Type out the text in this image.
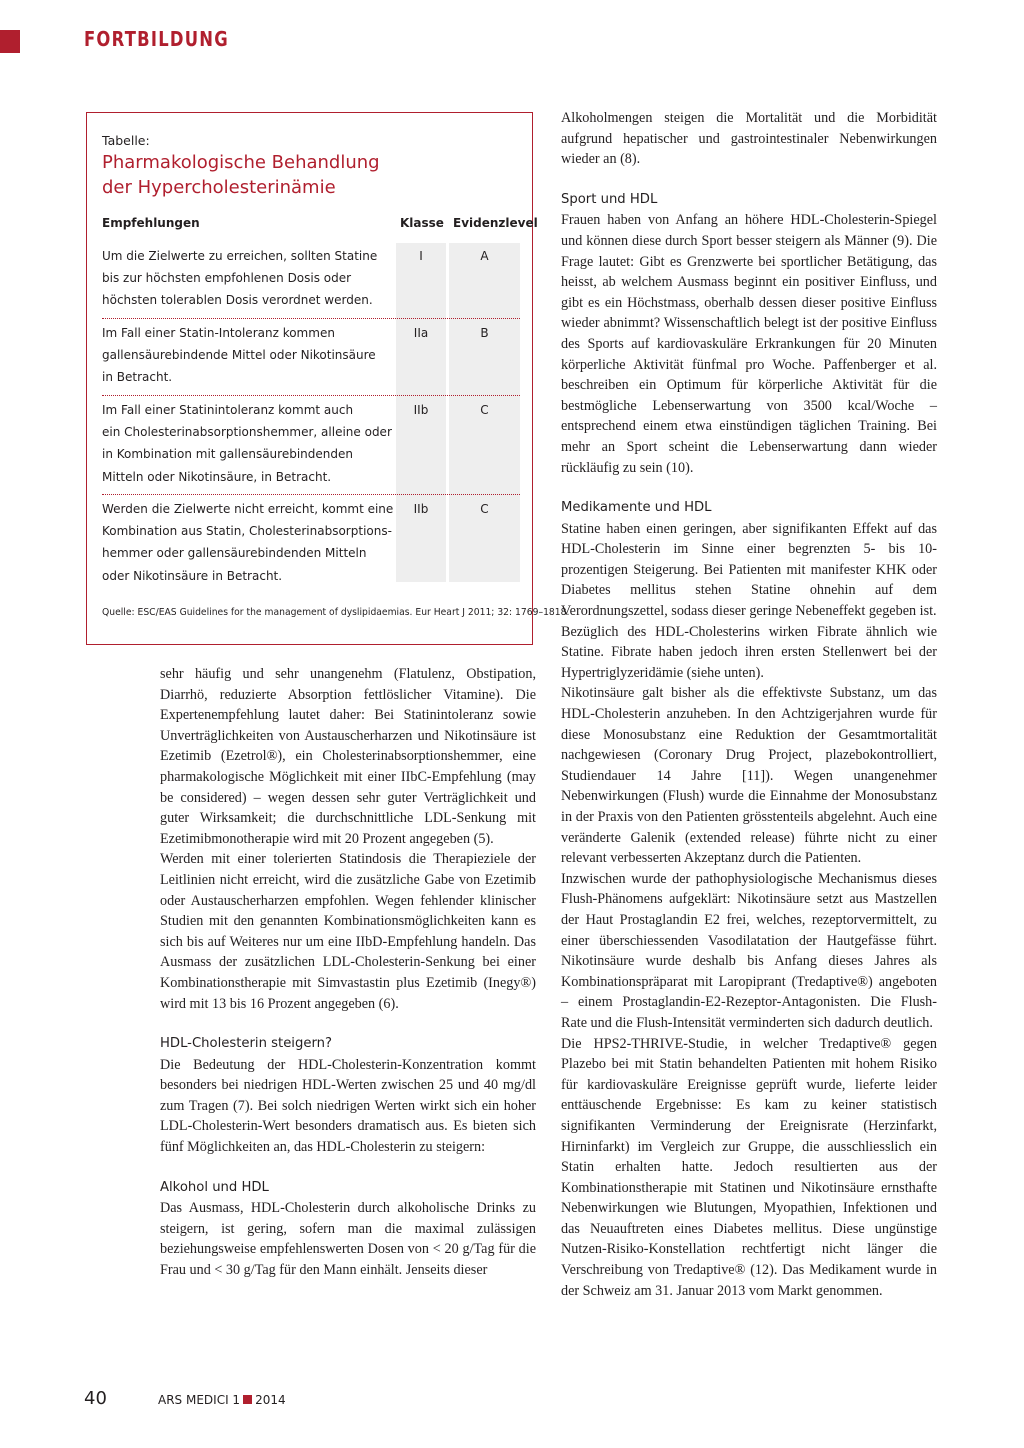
FORTBILDUNG
Tabelle:
Pharmakologische Behandlung
der Hypercholesterinämie
Empfehlungen	Klasse Evidenzlevel
Um die Zielwerte zu erreichen, sollten Statine
bis zur höchsten empfohlenen Dosis oder
höchsten tolerablen Dosis verordnet werden.
I	A
Im Fall einer Statin-Intoleranz kommen
gallensäurebindende Mittel oder Nikotinsäure
in Betracht.
IIa	B
Im Fall einer Statinintoleranz kommt auch
ein Cholesterinabsorptionshemmer, alleine oder
in Kombination mit gallensäurebindenden
Mitteln oder Nikotinsäure, in Betracht.
IIb	C
Werden die Zielwerte nicht erreicht, kommt eine
Kombination aus Statin, Cholesterinabsorptions-
hemmer oder gallensäurebindenden Mitteln
oder Nikotinsäure in Betracht.
IIb	C
Quelle: ESC/EAS Guidelines for the management of dyslipidaemias. Eur Heart J 2011; 32: 1769–1818.

sehr häufig und sehr unangenehm (Flatulenz, Obstipation, Diarrhö, reduzierte Absorption fettlöslicher Vitamine). Die Expertenempfehlung lautet daher: Bei Statinintoleranz sowie Unverträglichkeiten von Austauscherharzen und Nikotinsäure ist Ezetimib (Ezetrol®), ein Cholesterinabsorptionshemmer, eine pharmakologische Möglichkeit mit einer IIbC-Empfehlung (may be considered) – wegen dessen sehr guter Verträglichkeit und guter Wirksamkeit; die durchschnittliche LDL-Senkung mit Ezetimibmonotherapie wird mit 20 Prozent angegeben (5).

Werden mit einer tolerierten Statindosis die Therapieziele der Leitlinien nicht erreicht, wird die zusätzliche Gabe von Ezetimib oder Austauscherharzen empfohlen. Wegen fehlender klinischer Studien mit den genannten Kombinationsmöglichkeiten kann es sich bis auf Weiteres nur um eine IIbD-Empfehlung handeln. Das Ausmass der zusätzlichen LDL-Cholesterin-Senkung bei einer Kombinationstherapie mit Simvastastin plus Ezetimib (Inegy®) wird mit 13 bis 16 Prozent angegeben (6).

HDL-Cholesterin steigern?

Die Bedeutung der HDL-Cholesterin-Konzentration kommt besonders bei niedrigen HDL-Werten zwischen 25 und 40 mg/dl zum Tragen (7). Bei solch niedrigen Werten wirkt sich ein hoher LDL-Cholesterin-Wert besonders dramatisch aus. Es bieten sich fünf Möglichkeiten an, das HDL-Cholesterin zu steigern:

Alkohol und HDL

Das Ausmass, HDL-Cholesterin durch alkoholische Drinks zu steigern, ist gering, sofern man die maximal zulässigen beziehungsweise empfehlenswerten Dosen von < 20 g/Tag für die Frau und < 30 g/Tag für den Mann einhält. Jenseits dieser

Alkoholmengen steigen die Mortalität und die Morbidität aufgrund hepatischer und gastrointestinaler Nebenwirkungen wieder an (8).

Sport und HDL

Frauen haben von Anfang an höhere HDL-Cholesterin-Spiegel und können diese durch Sport besser steigern als Männer (9). Die Frage lautet: Gibt es Grenzwerte bei sportlicher Betätigung, das heisst, ab welchem Ausmass beginnt ein positiver Einfluss, und gibt es ein Höchstmass, oberhalb dessen dieser positive Einfluss wieder abnimmt? Wissenschaftlich belegt ist der positive Einfluss des Sports auf kardiovaskuläre Erkrankungen für 20 Minuten körperliche Aktivität fünfmal pro Woche. Paffenberger et al. beschreiben ein Optimum für körperliche Aktivität für die bestmögliche Lebenserwartung von 3500 kcal/Woche – entsprechend einem etwa einstündigen täglichen Training. Bei mehr an Sport scheint die Lebenserwartung dann wieder rückläufig zu sein (10).

Medikamente und HDL

Statine haben einen geringen, aber signifikanten Effekt auf das HDL-Cholesterin im Sinne einer begrenzten 5- bis 10-prozentigen Steigerung. Bei Patienten mit manifester KHK oder Diabetes mellitus stehen Statine ohnehin auf dem Verordnungszettel, sodass dieser geringe Nebeneffekt gegeben ist.

Bezüglich des HDL-Cholesterins wirken Fibrate ähnlich wie Statine. Fibrate haben jedoch ihren ersten Stellenwert bei der Hypertriglyzeridämie (siehe unten).

Nikotinsäure galt bisher als die effektivste Substanz, um das HDL-Cholesterin anzuheben. In den Achtzigerjahren wurde für diese Monosubstanz eine Reduktion der Gesamtmortalität nachgewiesen (Coronary Drug Project, plazebokontrolliert, Studiendauer 14 Jahre [11]). Wegen unangenehmer Nebenwirkungen (Flush) wurde die Einnahme der Monosubstanz in der Praxis von den Patienten grösstenteils abgelehnt. Auch eine veränderte Galenik (extended release) führte nicht zu einer relevant verbesserten Akzeptanz durch die Patienten.

Inzwischen wurde der pathophysiologische Mechanismus dieses Flush-Phänomens aufgeklärt: Nikotinsäure setzt aus Mastzellen der Haut Prostaglandin E2 frei, welches, rezeptorvermittelt, zu einer überschiessenden Vasodilatation der Hautgefässe führt. Nikotinsäure wurde deshalb bis Anfang dieses Jahres als Kombinationspräparat mit Laropiprant (Tredaptive®) angeboten – einem Prostaglandin-E2-Rezeptor-Antagonisten. Die Flush-Rate und die Flush-Intensität verminderten sich dadurch deutlich.

Die HPS2-THRIVE-Studie, in welcher Tredaptive® gegen Plazebo bei mit Statin behandelten Patienten mit hohem Risiko für kardiovaskuläre Ereignisse geprüft wurde, lieferte leider enttäuschende Ergebnisse: Es kam zu keiner statistisch signifikanten Verminderung der Ereignisrate (Herzinfarkt, Hirninfarkt) im Vergleich zur Gruppe, die ausschliesslich ein Statin erhalten hatte. Jedoch resultierten aus der Kombinationstherapie mit Statinen und Nikotinsäure ernsthafte Nebenwirkungen wie Blutungen, Myopathien, Infektionen und das Neuauftreten eines Diabetes mellitus. Diese ungünstige Nutzen-Risiko-Konstellation rechtfertigt nicht länger die Verschreibung von Tredaptive® (12). Das Medikament wurde in der Schweiz am 31. Januar 2013 vom Markt genommen.

40	ARS MEDICI 1 2014
